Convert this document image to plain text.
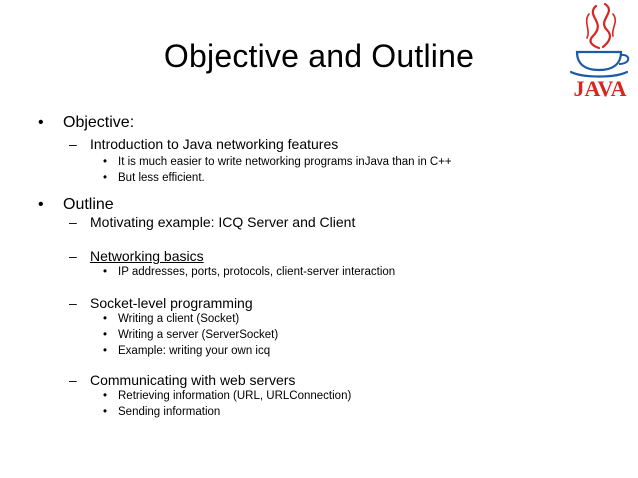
Objective and Outline
JAVA
• Objective:
– Introduction to Java networking features
• It is much easier to write networking programs inJava than in C++
• But less efficient.
• Outline
– Motivating example: ICQ Server and Client
– Networking basics
• IP addresses, ports, protocols, client-server interaction
– Socket-level programming
• Writing a client (Socket)
• Writing a server (ServerSocket)
• Example: writing your own icq
– Communicating with web servers
• Retrieving information (URL, URLConnection)
• Sending information
